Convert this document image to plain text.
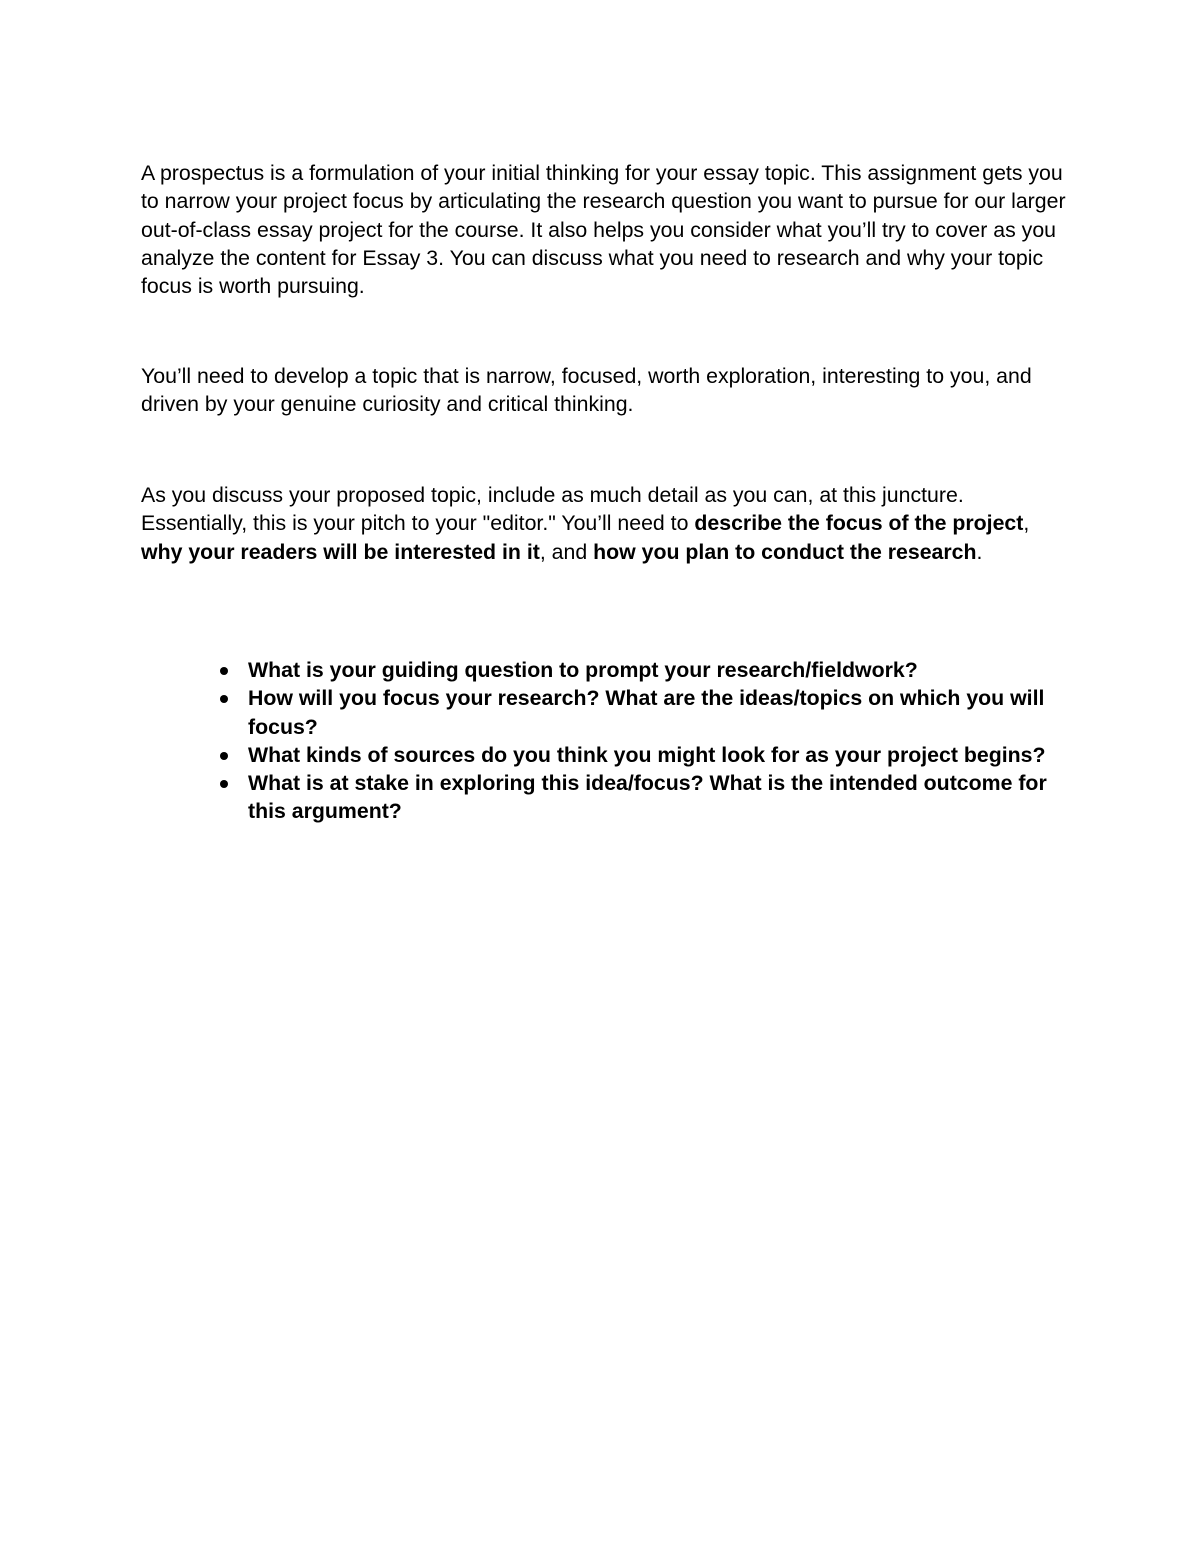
A prospectus is a formulation of your initial thinking for your essay topic. This assignment gets you to narrow your project focus by articulating the research question you want to pursue for our larger out-of-class essay project for the course. It also helps you consider what you’ll try to cover as you analyze the content for Essay 3. You can discuss what you need to research and why your topic focus is worth pursuing.

You’ll need to develop a topic that is narrow, focused, worth exploration, interesting to you, and driven by your genuine curiosity and critical thinking.

As you discuss your proposed topic, include as much detail as you can, at this juncture. Essentially, this is your pitch to your "editor." You’ll need to describe the focus of the project, why your readers will be interested in it, and how you plan to conduct the research.

What is your guiding question to prompt your research/fieldwork?
How will you focus your research? What are the ideas/topics on which you will focus?
What kinds of sources do you think you might look for as your project begins?
What is at stake in exploring this idea/focus? What is the intended outcome for this argument?
